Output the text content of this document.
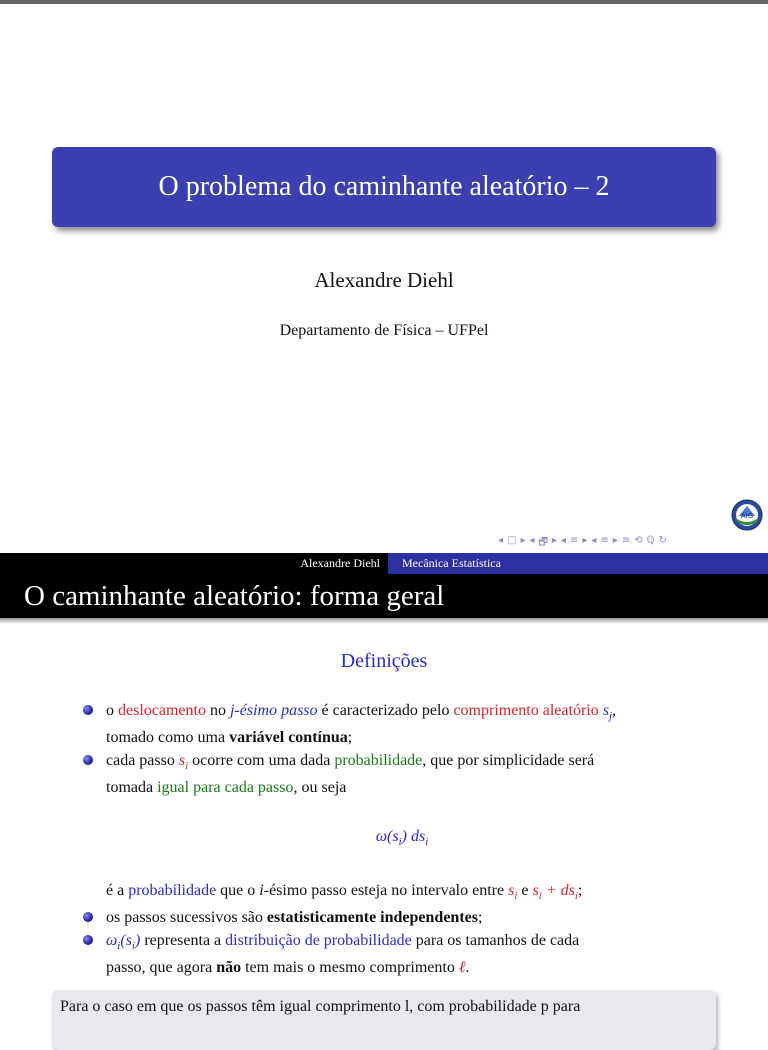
O problema do caminhante aleatório – 2
Alexandre Diehl
Departamento de Física – UFPel
AIG
◂ □ ▸ ◂ 🗗 ▸ ◂ ≡ ▸ ◂ ≡ ▸ ≡ ⟲ ℚ ↻
Alexandre Diehl	Mecânica Estatística
O caminhante aleatório: forma geral
Definições
o deslocamento no j-ésimo passo é caracterizado pelo comprimento aleatório $s_j$,
tomado como uma variável contínua;
cada passo $s_i$ ocorre com uma dada probabilidade, que por simplicidade será
tomada igual para cada passo, ou seja
$\omega(s_i)$ $ds_i$
é a probabilidade que o i-ésimo passo esteja no intervalo entre $s_i$ e $s_i + ds_i$;
os passos sucessivos são estatisticamente independentes;
$\omega_i(s_i)$ representa a distribuição de probabilidade para os tamanhos de cada
passo, que agora não tem mais o mesmo comprimento ℓ.
Para o caso em que os passos têm igual comprimento l, com probabilidade p para
